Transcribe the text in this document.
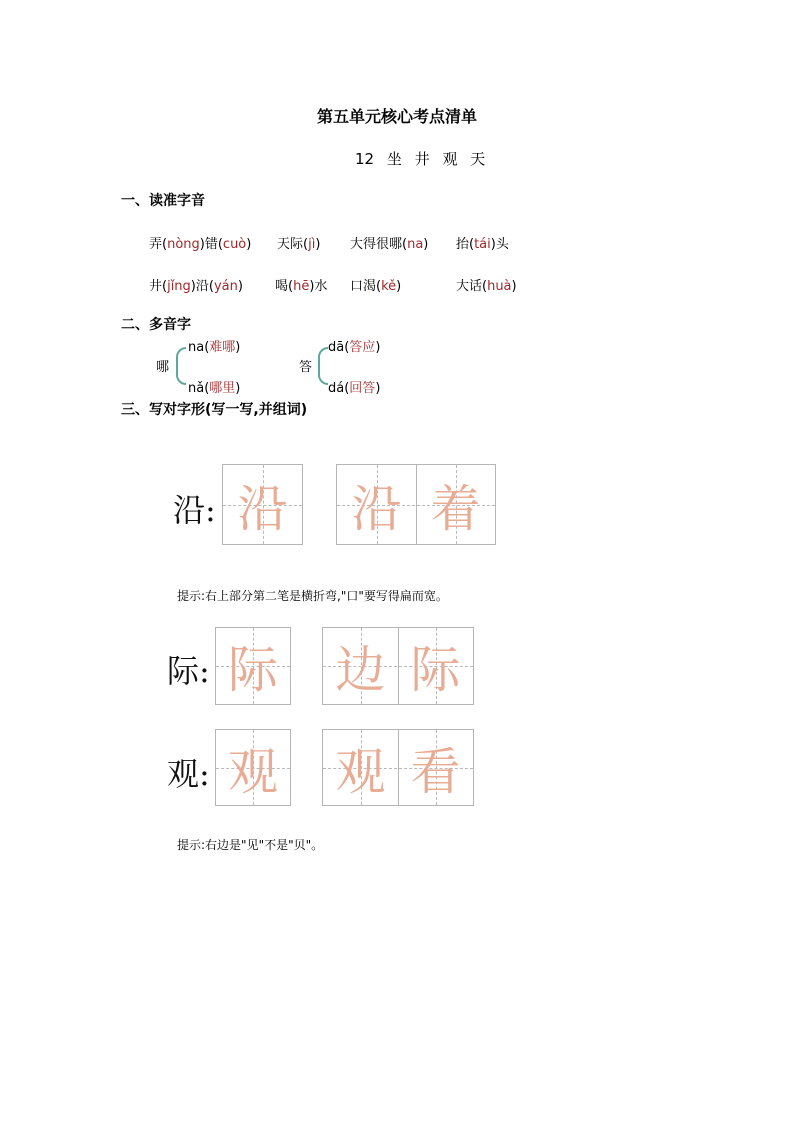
第五单元核心考点清单
12 坐 井 观 天
一、读准字音
弄(nòng)错(cuò) 天际(jì) 大得很哪(na) 抬(tái)头
井(jǐng)沿(yán) 喝(hē)水 口渴(kě)	大话(huà)
二、多音字
哪
na(难哪)
nǎ(哪里)
答
dā(答应)
dá(回答)
三、写对字形(写一写,并组词)
沿: 沿 沿 着
提示:右上部分第二笔是横折弯,"口"要写得扁而宽。
际: 际 边 际
观: 观 观 看
提示:右边是"见"不是"贝"。
